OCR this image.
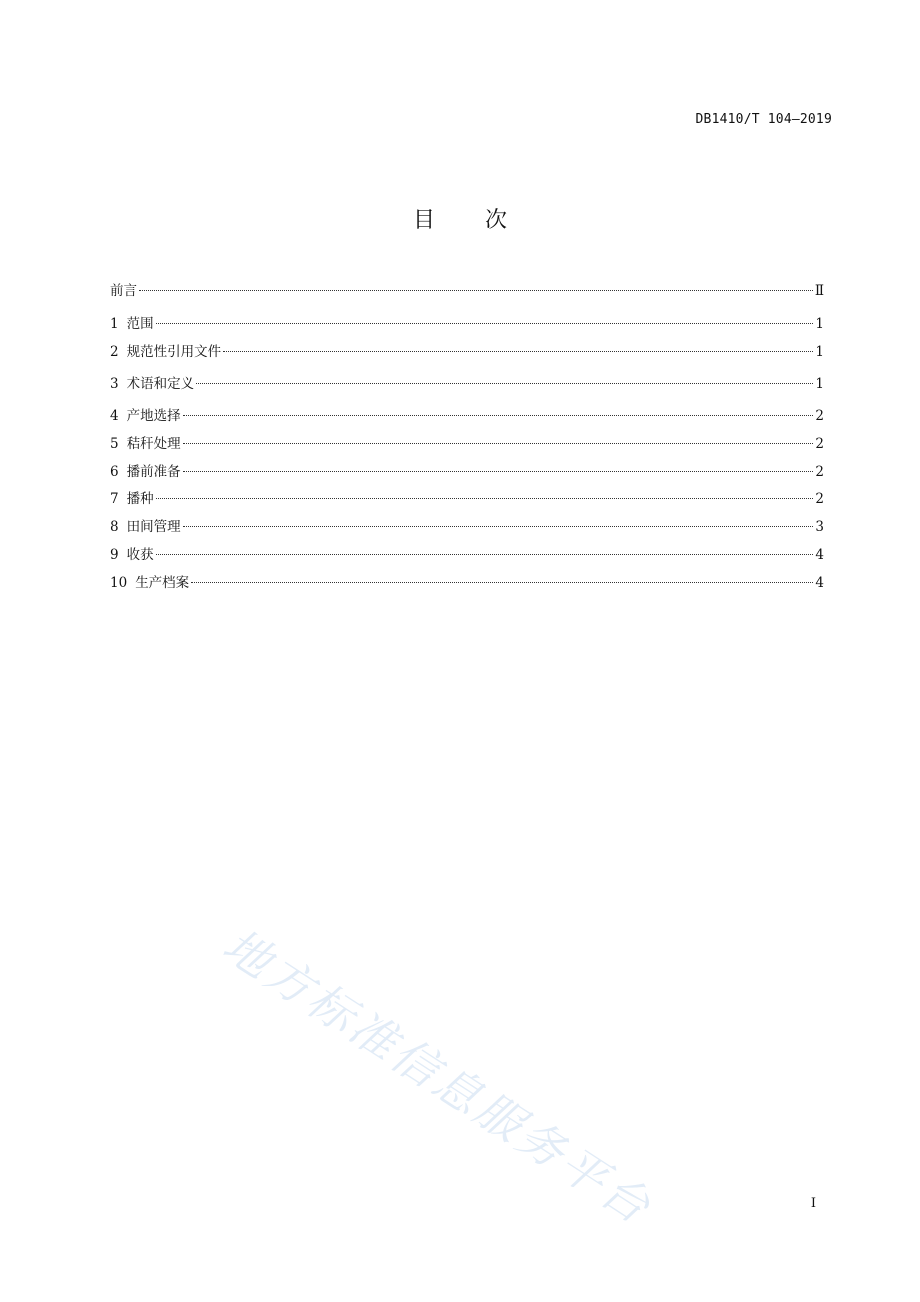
DB1410/T 104—2019
目 次
前言	Ⅱ
1 范围	1
2 规范性引用文件	1
3 术语和定义	1
4 产地选择	2
5 秸秆处理	2
6 播前准备	2
7 播种	2
8 田间管理	3
9 收获	4
10 生产档案	4
地方标准信息服务平台	I
